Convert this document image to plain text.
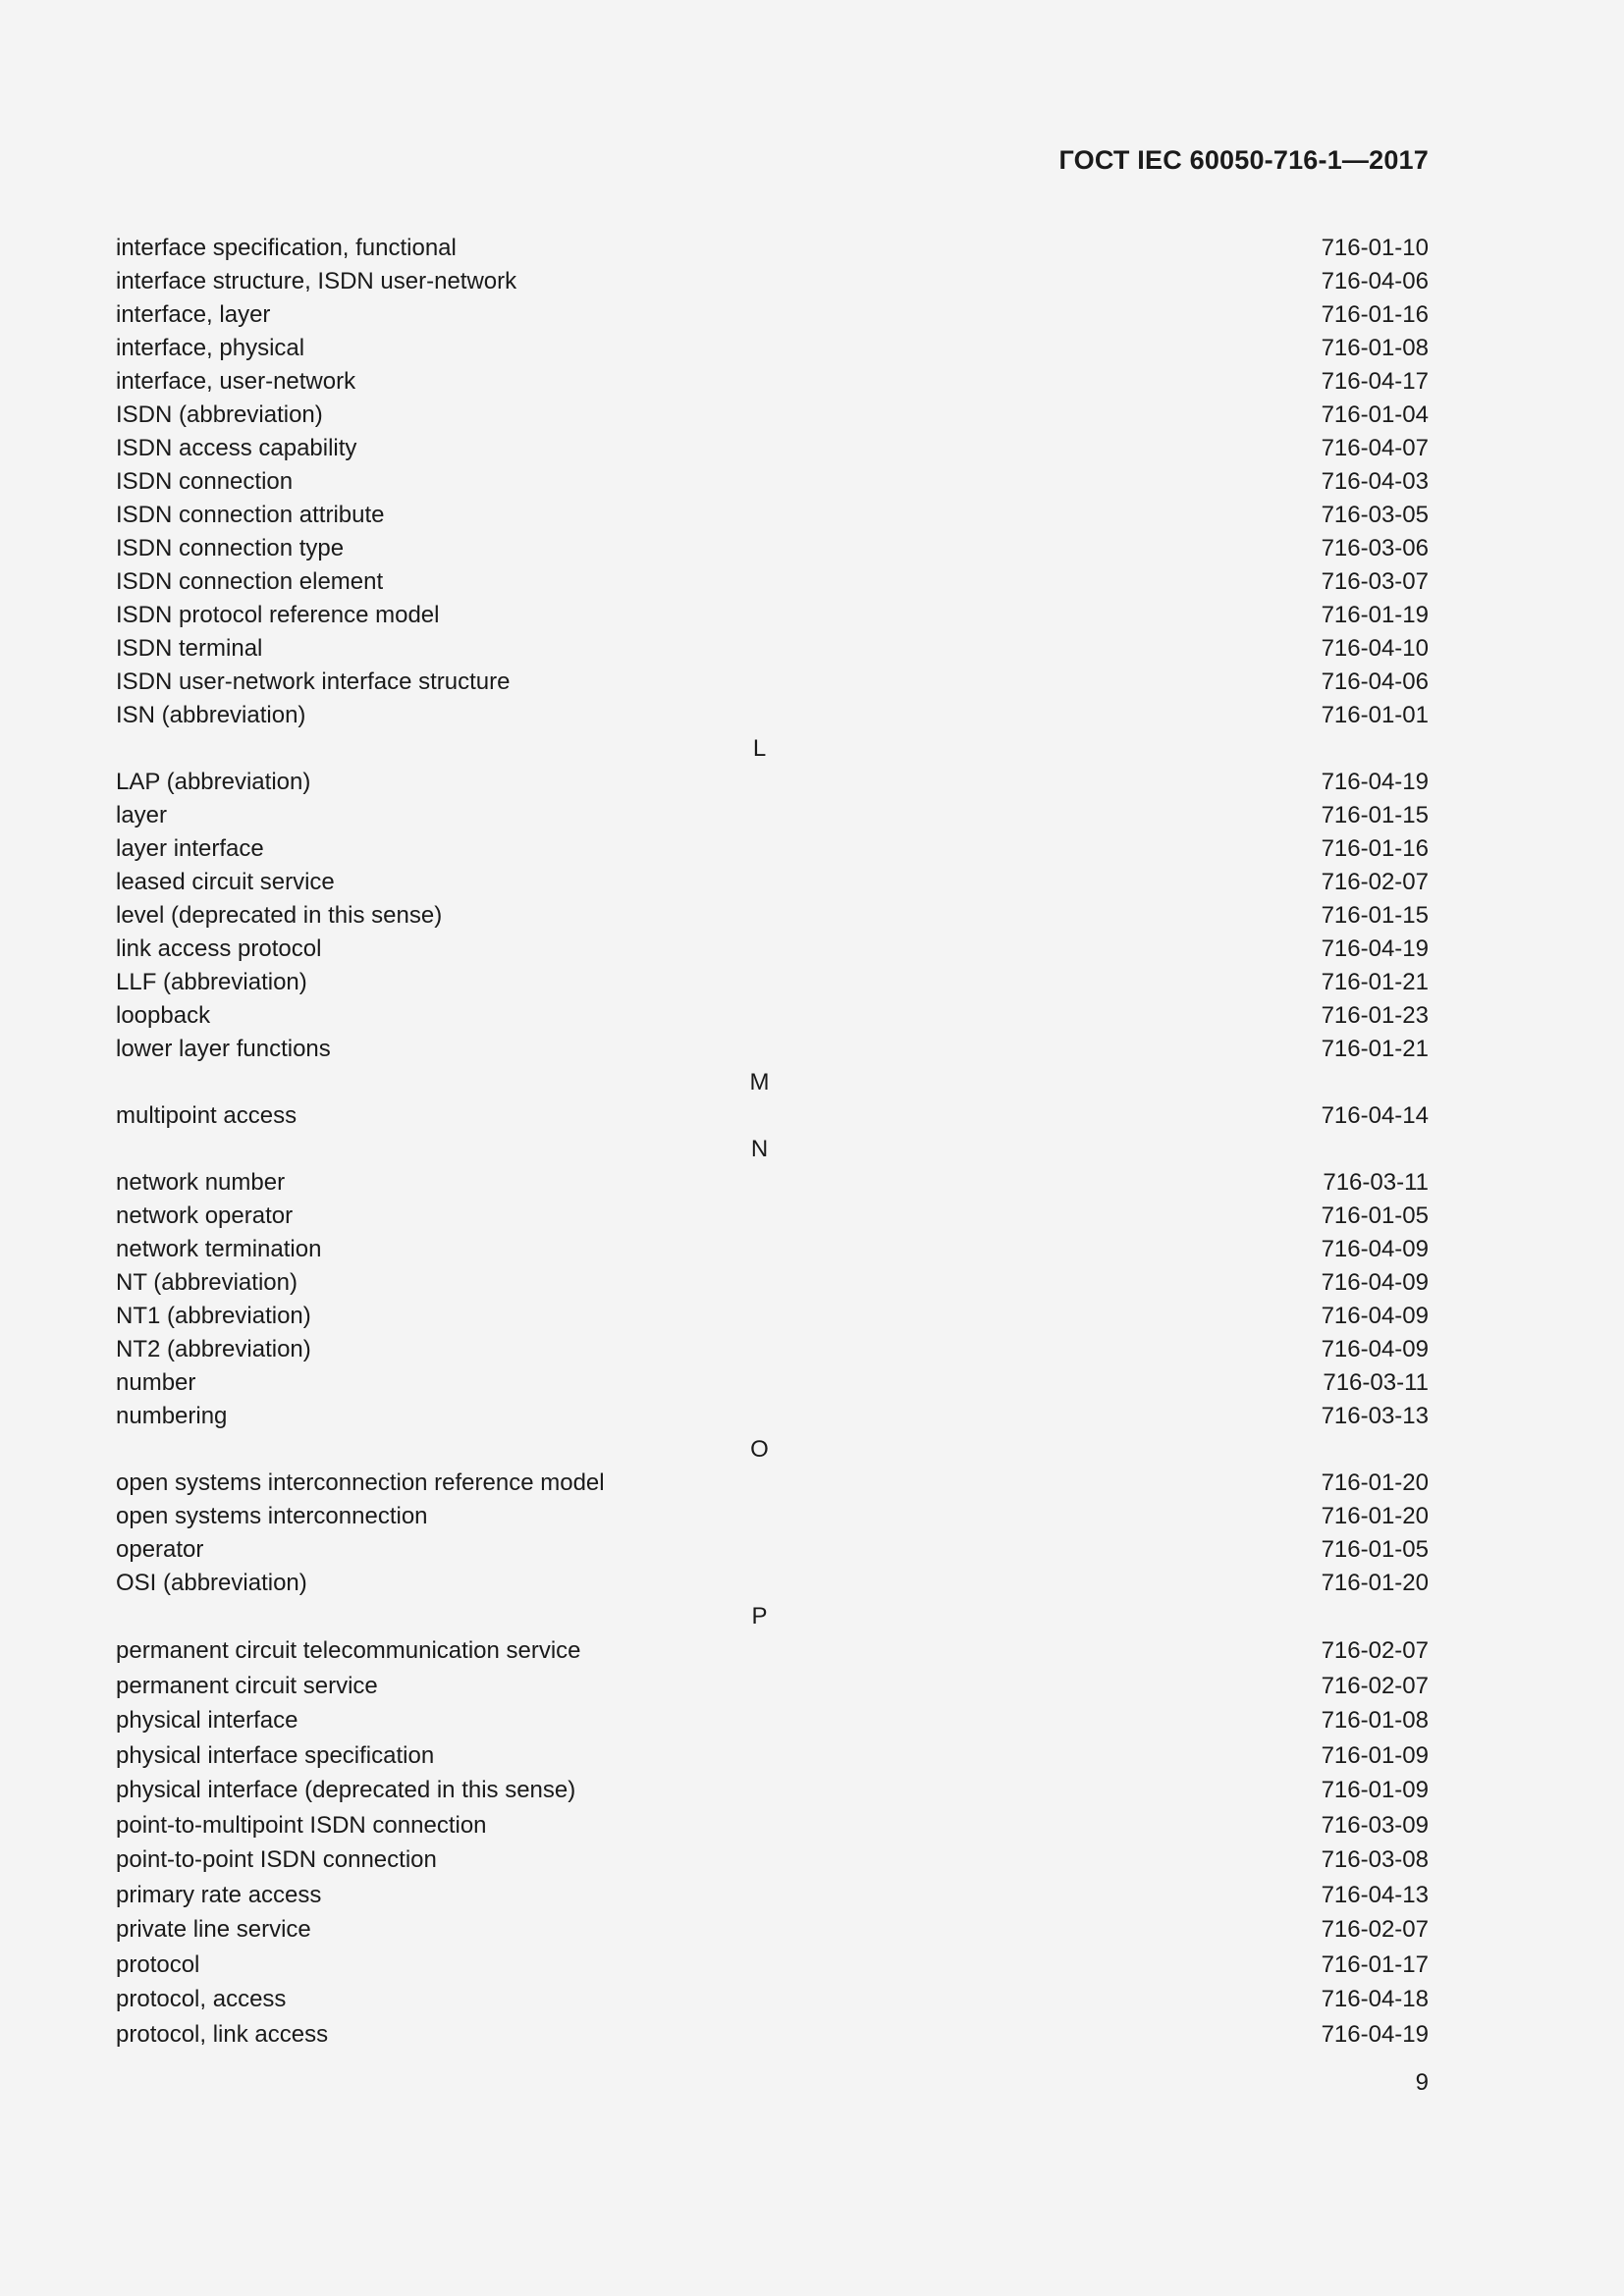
ГОСТ IEC 60050-716-1—2017
interface specification, functional	716-01-10
interface structure, ISDN user-network	716-04-06
interface, layer	716-01-16
interface, physical	716-01-08
interface, user-network	716-04-17
ISDN (abbreviation)	716-01-04
ISDN access capability	716-04-07
ISDN connection	716-04-03
ISDN connection attribute	716-03-05
ISDN connection type	716-03-06
ISDN connection element	716-03-07
ISDN protocol reference model	716-01-19
ISDN terminal	716-04-10
ISDN user-network interface structure	716-04-06
ISN (abbreviation)	716-01-01
L
LAP (abbreviation)	716-04-19
layer	716-01-15
layer interface	716-01-16
leased circuit service	716-02-07
level (deprecated in this sense)	716-01-15
link access protocol	716-04-19
LLF (abbreviation)	716-01-21
loopback	716-01-23
lower layer functions	716-01-21
M
multipoint access	716-04-14
N
network number	716-03-11
network operator	716-01-05
network termination	716-04-09
NT (abbreviation)	716-04-09
NT1 (abbreviation)	716-04-09
NT2 (abbreviation)	716-04-09
number	716-03-11
numbering	716-03-13
O
open systems interconnection reference model	716-01-20
open systems interconnection	716-01-20
operator	716-01-05
OSI (abbreviation)	716-01-20
P
permanent circuit telecommunication service	716-02-07
permanent circuit service	716-02-07
physical interface	716-01-08
physical interface specification	716-01-09
physical interface (deprecated in this sense)	716-01-09
point-to-multipoint ISDN connection	716-03-09
point-to-point ISDN connection	716-03-08
primary rate access	716-04-13
private line service	716-02-07
protocol	716-01-17
protocol, access	716-04-18
protocol, link access	716-04-19
9
